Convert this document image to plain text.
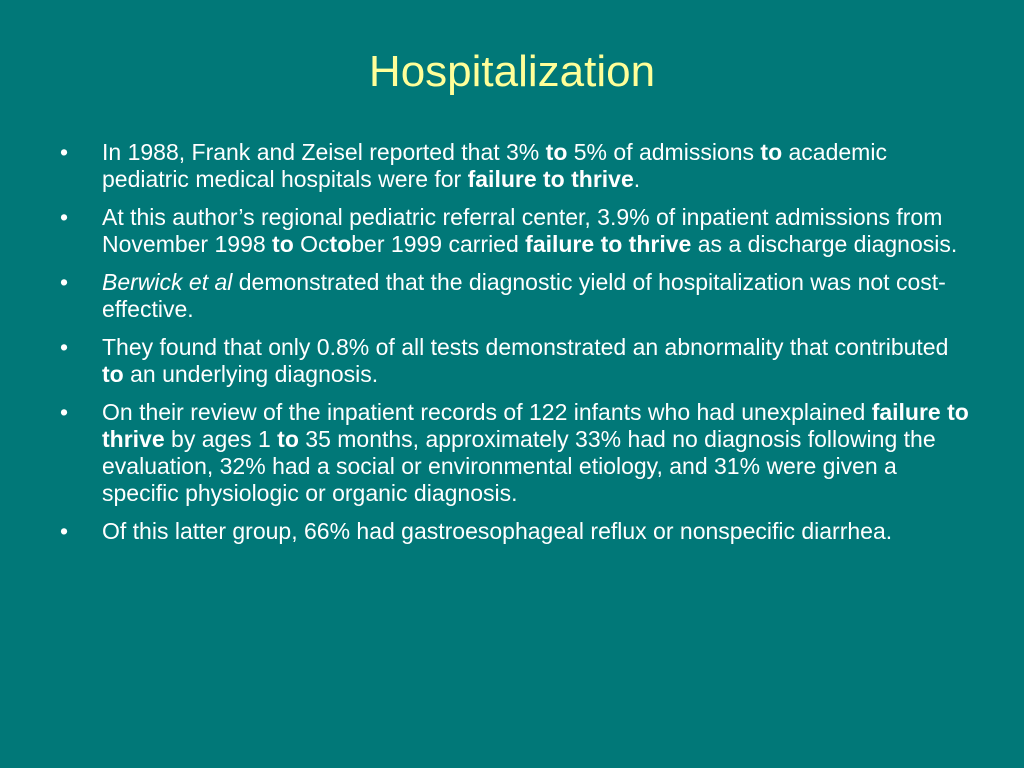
Hospitalization
• In 1988, Frank and Zeisel reported that 3% to 5% of admissions to academic pediatric medical hospitals were for failure to thrive.
• At this author’s regional pediatric referral center, 3.9% of inpatient admissions from November 1998 to October 1999 carried failure to thrive as a discharge diagnosis.
• Berwick et al demonstrated that the diagnostic yield of hospitalization was not cost-effective.
• They found that only 0.8% of all tests demonstrated an abnormality that contributed to an underlying diagnosis.
• On their review of the inpatient records of 122 infants who had unexplained failure to thrive by ages 1 to 35 months, approximately 33% had no diagnosis following the evaluation, 32% had a social or environmental etiology, and 31% were given a specific physiologic or organic diagnosis.
• Of this latter group, 66% had gastroesophageal reflux or nonspecific diarrhea.
